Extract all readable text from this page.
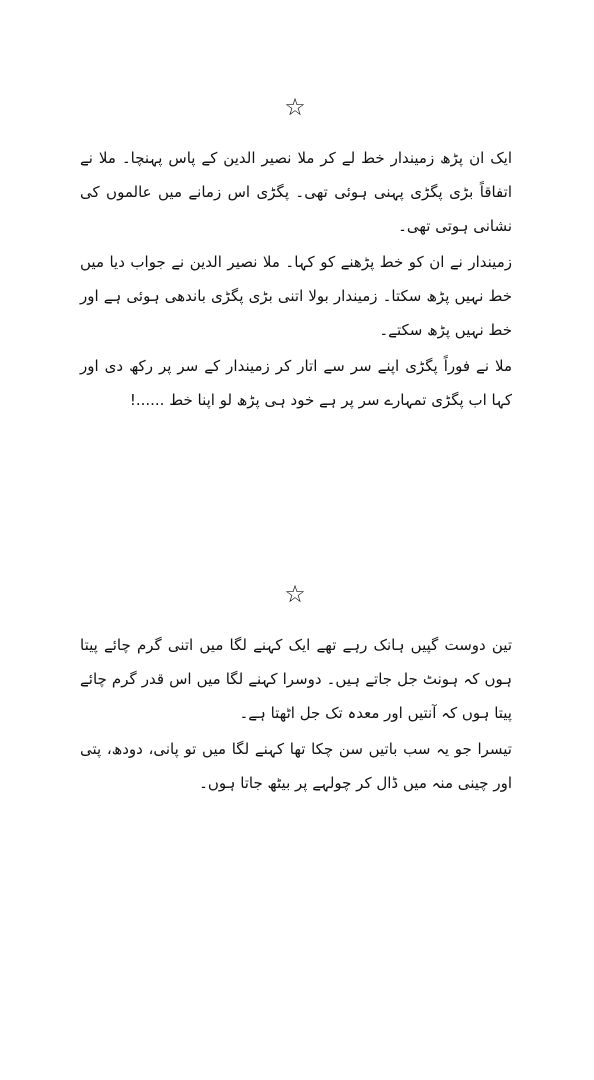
☆

ایک ان پڑھ زمیندار خط لے کر ملا نصیر الدین کے پاس پہنچا۔ ملا نے اتفاقاً بڑی پگڑی پہنی ہوئی تھی۔ پگڑی اس زمانے میں عالموں کی نشانی ہوتی تھی۔

زمیندار نے ان کو خط پڑھنے کو کہا۔ ملا نصیر الدین نے جواب دیا میں خط نہیں پڑھ سکتا۔ زمیندار بولا اتنی بڑی پگڑی باندھی ہوئی ہے اور خط نہیں پڑھ سکتے۔

ملا نے فوراً پگڑی اپنے سر سے اتار کر زمیندار کے سر پر رکھ دی اور کہا اب پگڑی تمہارے سر پر ہے خود ہی پڑھ لو اپنا خط ......!

☆

تین دوست گپیں ہانک رہے تھے ایک کہنے لگا میں اتنی گرم چائے پیتا ہوں کہ ہونٹ جل جاتے ہیں۔ دوسرا کہنے لگا میں اس قدر گرم چائے پیتا ہوں کہ آنتیں اور معدہ تک جل اٹھتا ہے۔

تیسرا جو یہ سب باتیں سن چکا تھا کہنے لگا میں تو پانی، دودھ، پتی اور چینی منہ میں ڈال کر چولہے پر بیٹھ جاتا ہوں۔
